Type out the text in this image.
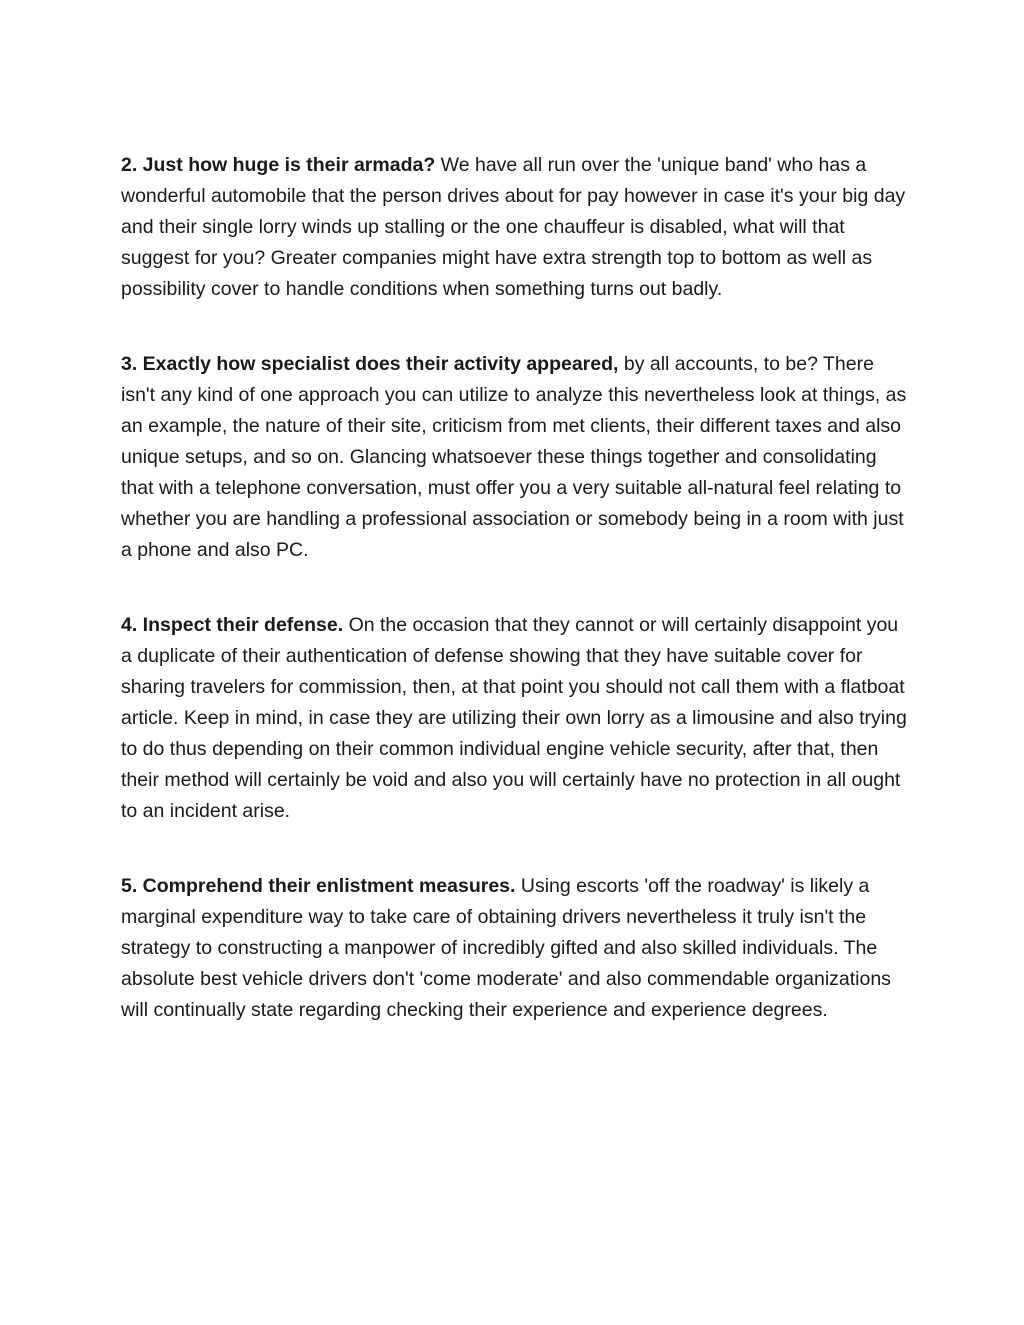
2. Just how huge is their armada? We have all run over the 'unique band' who has a wonderful automobile that the person drives about for pay however in case it's your big day and their single lorry winds up stalling or the one chauffeur is disabled, what will that suggest for you? Greater companies might have extra strength top to bottom as well as possibility cover to handle conditions when something turns out badly.

3. Exactly how specialist does their activity appeared, by all accounts, to be? There isn't any kind of one approach you can utilize to analyze this nevertheless look at things, as an example, the nature of their site, criticism from met clients, their different taxes and also unique setups, and so on. Glancing whatsoever these things together and consolidating that with a telephone conversation, must offer you a very suitable all-natural feel relating to whether you are handling a professional association or somebody being in a room with just a phone and also PC.

4. Inspect their defense. On the occasion that they cannot or will certainly disappoint you a duplicate of their authentication of defense showing that they have suitable cover for sharing travelers for commission, then, at that point you should not call them with a flatboat article. Keep in mind, in case they are utilizing their own lorry as a limousine and also trying to do thus depending on their common individual engine vehicle security, after that, then their method will certainly be void and also you will certainly have no protection in all ought to an incident arise.

5. Comprehend their enlistment measures. Using escorts 'off the roadway' is likely a marginal expenditure way to take care of obtaining drivers nevertheless it truly isn't the strategy to constructing a manpower of incredibly gifted and also skilled individuals. The absolute best vehicle drivers don't 'come moderate' and also commendable organizations will continually state regarding checking their experience and experience degrees.
